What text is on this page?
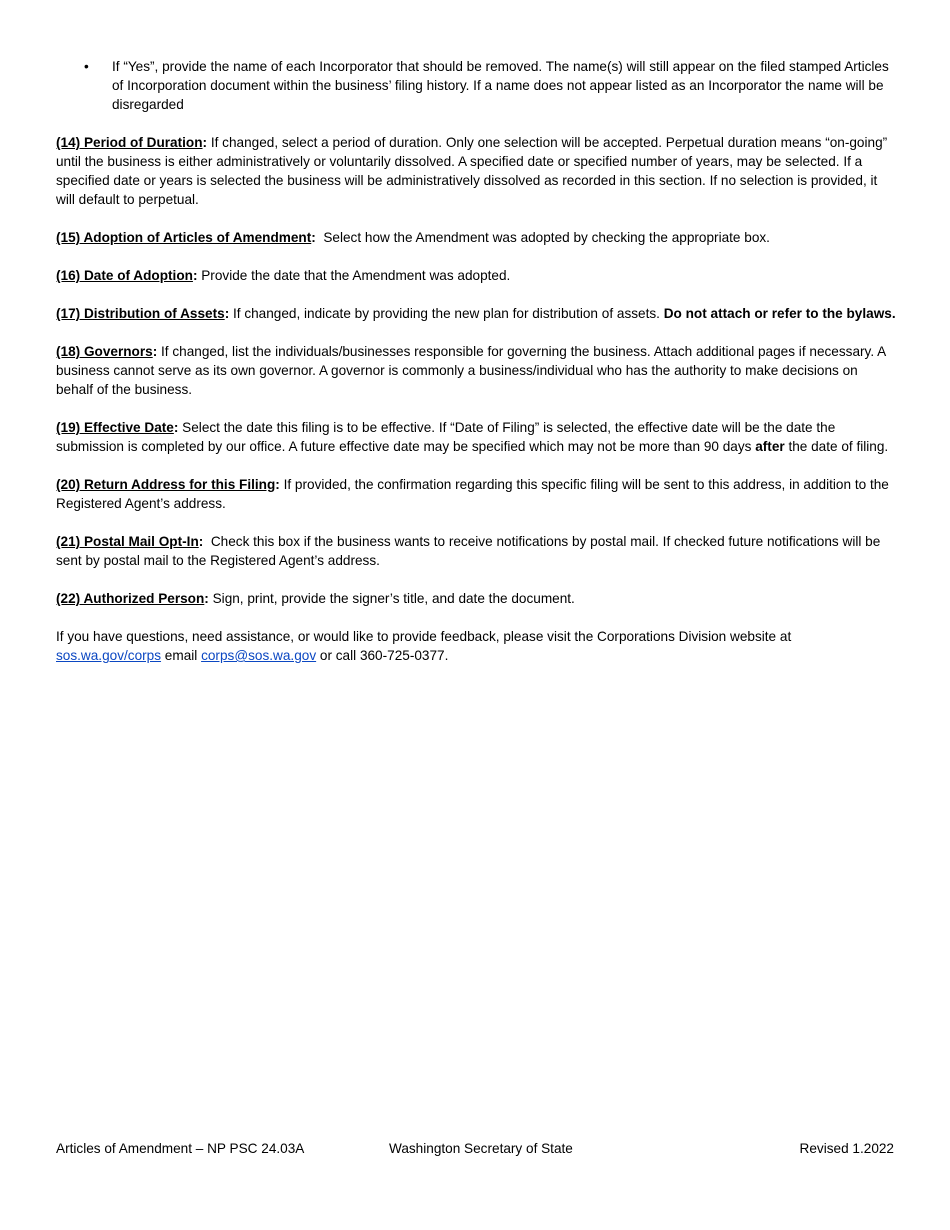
• If “Yes”, provide the name of each Incorporator that should be removed. The name(s) will still appear on the filed stamped Articles of Incorporation document within the business’ filing history. If a name does not appear listed as an Incorporator the name will be disregarded

(14) Period of Duration: If changed, select a period of duration. Only one selection will be accepted. Perpetual duration means “on-going” until the business is either administratively or voluntarily dissolved. A specified date or specified number of years, may be selected. If a specified date or years is selected the business will be administratively dissolved as recorded in this section. If no selection is provided, it will default to perpetual.

(15) Adoption of Articles of Amendment:  Select how the Amendment was adopted by checking the appropriate box.

(16) Date of Adoption: Provide the date that the Amendment was adopted.

(17) Distribution of Assets: If changed, indicate by providing the new plan for distribution of assets. Do not attach or refer to the bylaws.

(18) Governors: If changed, list the individuals/businesses responsible for governing the business. Attach additional pages if necessary. A business cannot serve as its own governor. A governor is commonly a business/individual who has the authority to make decisions on behalf of the business.

(19) Effective Date: Select the date this filing is to be effective. If “Date of Filing” is selected, the effective date will be the date the submission is completed by our office. A future effective date may be specified which may not be more than 90 days after the date of filing.

(20) Return Address for this Filing: If provided, the confirmation regarding this specific filing will be sent to this address, in addition to the Registered Agent’s address.

(21) Postal Mail Opt-In:  Check this box if the business wants to receive notifications by postal mail. If checked future notifications will be sent by postal mail to the Registered Agent’s address.

(22) Authorized Person: Sign, print, provide the signer’s title, and date the document.

If you have questions, need assistance, or would like to provide feedback, please visit the Corporations Division website at sos.wa.gov/corps email corps@sos.wa.gov or call 360-725-0377.

Articles of Amendment – NP PSC 24.03A	Washington Secretary of State	Revised 1.2022
